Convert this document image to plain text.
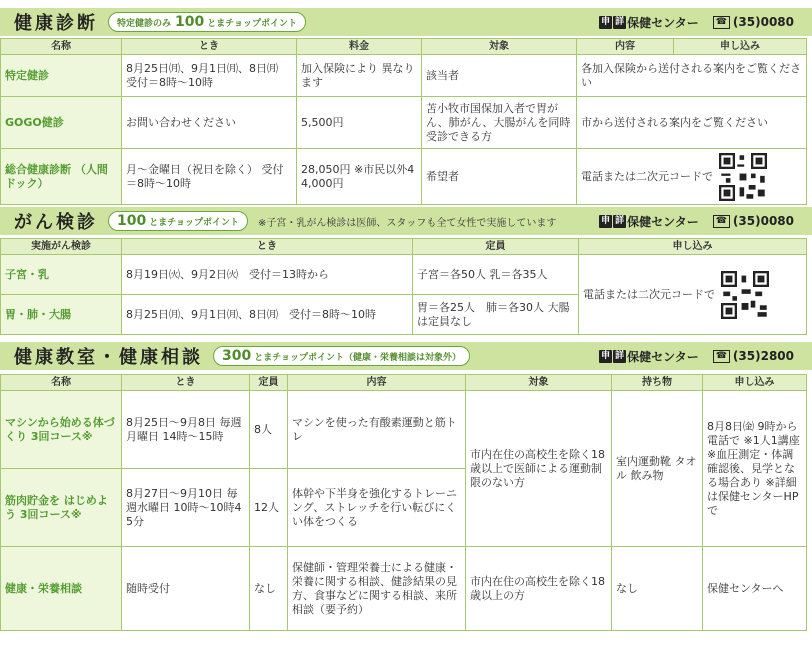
健康診断 特定健診のみ 100 とまチョップポイント	申 詳 保健センター	☎ (35)0080
名称	とき	料金	対象	内容	申し込み
特定健診	8月25日㈪、9月1日㈪、8日㈪ 受付＝8時～10時	加入保険により 異なります	該当者	各加入保険から送付される案内をご覧ください	
GOGO健診	お問い合わせください	5,500円	苫小牧市国保加入者で胃がん、肺がん、大腸がんを同時受診できる方	市から送付される案内をご覧ください	
総合健康診断 （人間ドック）	月～金曜日（祝日を除く） 受付＝8時～10時	28,050円 ※市民以外44,000円	希望者	電話または二次元コードで	
がん検診 100 とまチョップポイント ※子宮・乳がん検診は医師、スタッフも全て女性で実施しています	申 詳 保健センター	☎ (35)0080
実施がん検診	とき	定員	申し込み
子宮・乳	8月19日㈫、9月2日㈫　受付＝13時から	子宮＝各50人 乳＝各35人	電話または二次元コードで

胃・肺・大腸	8月25日㈪、9月1日㈪、8日㈪　受付＝8時～10時	胃＝各25人　肺＝各30人 大腸は定員なし	
健康教室・健康相談 300 とまチョップポイント（健康・栄養相談は対象外）	申 詳 保健センター	☎ (35)2800
名称	とき	定員	内容	対象	持ち物	申し込み
マシンから始める体づくり 3回コース※	8月25日～9月8日 毎週月曜日 14時～15時	8人	マシンを使った有酸素運動と筋トレ	市内在住の高校生を除く18歳以上で医師による運動制限のない方	室内運動靴 タオル 飲み物	8月8日㈮ 9時から電話で ※1人1講座 ※血圧測定・体調確認後、見学となる場合あり ※詳細は保健センターHPで
筋肉貯金を はじめよう 3回コース※	8月27日～9月10日 毎週水曜日 10時～10時45分	12人	体幹や下半身を強化するトレーニング、ストレッチを行い転びにくい体をつくる			
健康・栄養相談	随時受付	なし	保健師・管理栄養士による健康・栄養に関する相談、健診結果の見方、食事などに関する相談、来所相談（要予約）	市内在住の高校生を除く18歳以上の方	なし	保健センターへ
